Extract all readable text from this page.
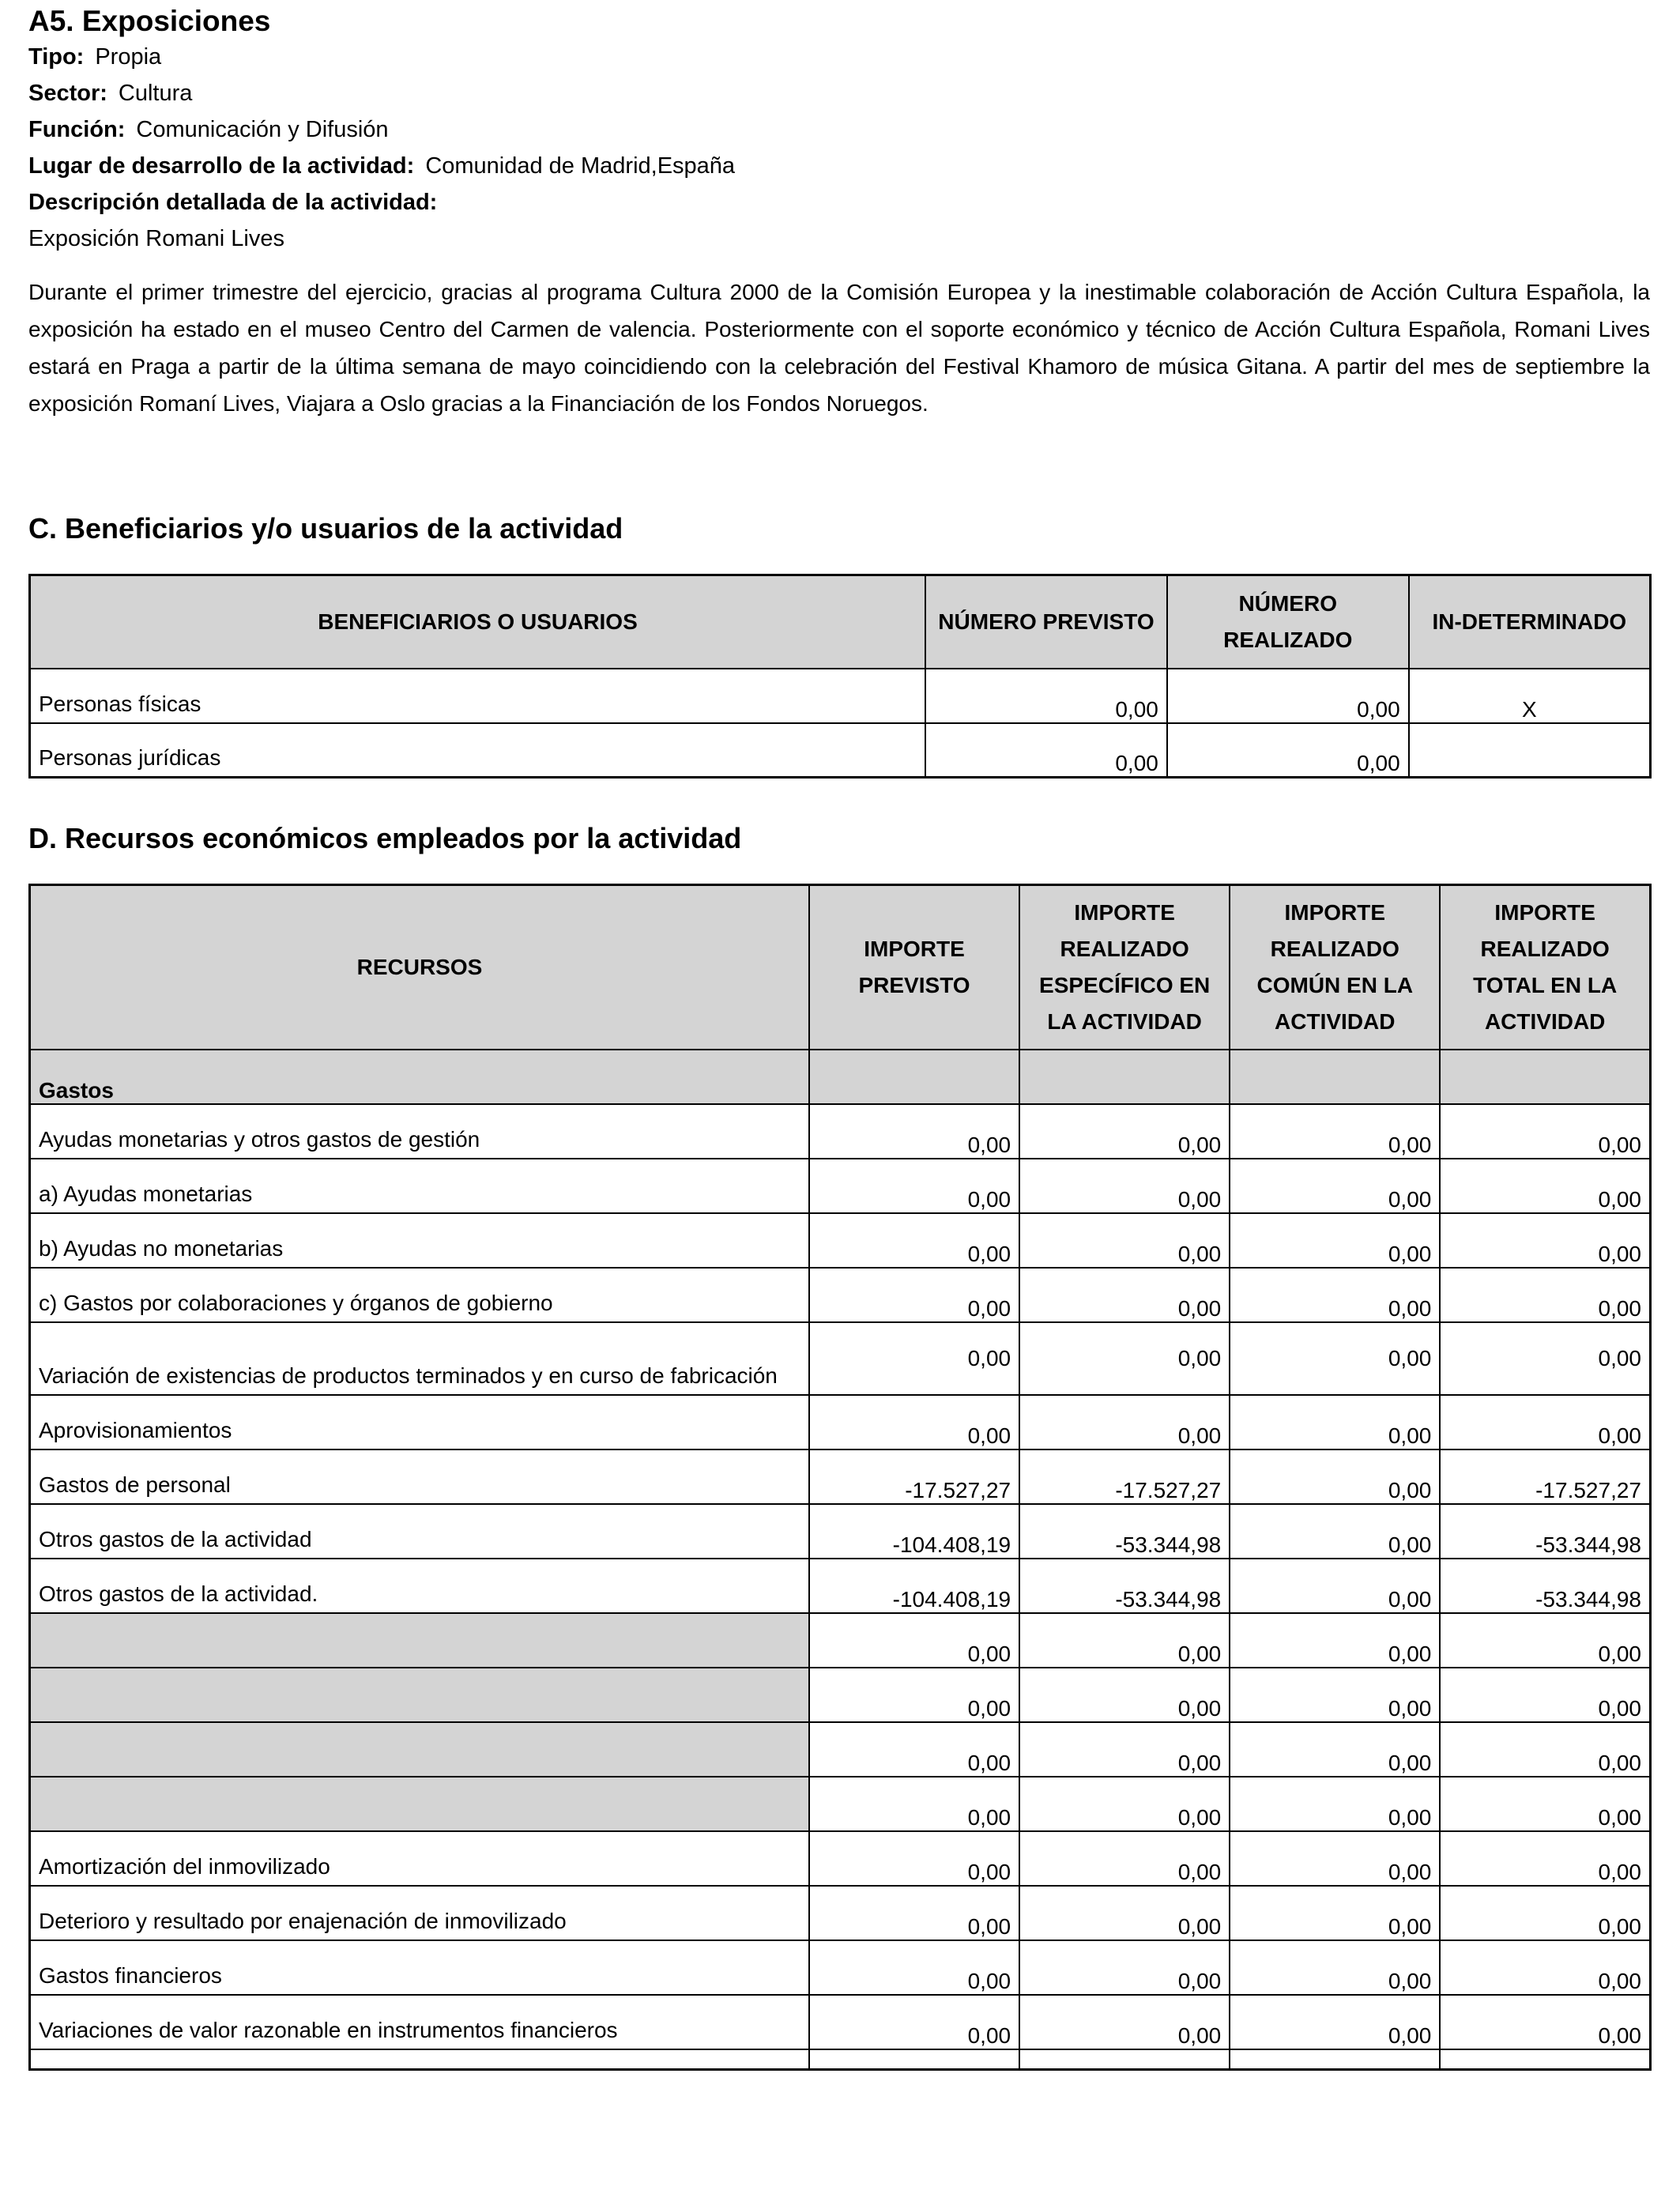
A5. Exposiciones
Tipo: Propia
Sector: Cultura
Función: Comunicación y Difusión
Lugar de desarrollo de la actividad: Comunidad de Madrid,España
Descripción detallada de la actividad:
Exposición Romani Lives

Durante el primer trimestre del ejercicio, gracias al programa Cultura 2000 de la Comisión Europea y la inestimable colaboración de Acción Cultura Española, la exposición ha estado en el museo Centro del Carmen de valencia. Posteriormente con el soporte económico y técnico de Acción Cultura Española, Romani Lives estará en Praga a partir de la última semana de mayo coincidiendo con la celebración del Festival Khamoro de música Gitana. A partir del mes de septiembre la exposición Romaní Lives, Viajara a Oslo gracias a la Financiación de los Fondos Noruegos.

C. Beneficiarios y/o usuarios de la actividad
BENEFICIARIOS O USUARIOS	NÚMERO PREVISTO	NÚMERO REALIZADO	IN-DETERMINADO
Personas físicas	0,00	0,00	X
Personas jurídicas	0,00	0,00	
D. Recursos económicos empleados por la actividad
RECURSOS	IMPORTE PREVISTO	IMPORTE REALIZADO ESPECÍFICO EN LA ACTIVIDAD	IMPORTE REALIZADO COMÚN EN LA ACTIVIDAD	IMPORTE REALIZADO TOTAL EN LA ACTIVIDAD
Gastos				
Ayudas monetarias y otros gastos de gestión	0,00	0,00	0,00	0,00
a) Ayudas monetarias	0,00	0,00	0,00	0,00
b) Ayudas no monetarias	0,00	0,00	0,00	0,00
c) Gastos por colaboraciones y órganos de gobierno	0,00	0,00	0,00	0,00
Variación de existencias de productos terminados y en curso de fabricación	0,00	0,00	0,00	0,00
Aprovisionamientos	0,00	0,00	0,00	0,00
Gastos de personal	-17.527,27	-17.527,27	0,00	-17.527,27
Otros gastos de la actividad	-104.408,19	-53.344,98	0,00	-53.344,98
Otros gastos de la actividad.	-104.408,19	-53.344,98	0,00	-53.344,98
	0,00	0,00	0,00	0,00
	0,00	0,00	0,00	0,00
	0,00	0,00	0,00	0,00
	0,00	0,00	0,00	0,00
Amortización del inmovilizado	0,00	0,00	0,00	0,00
Deterioro y resultado por enajenación de inmovilizado	0,00	0,00	0,00	0,00
Gastos financieros	0,00	0,00	0,00	0,00
Variaciones de valor razonable en instrumentos financieros	0,00	0,00	0,00	0,00
